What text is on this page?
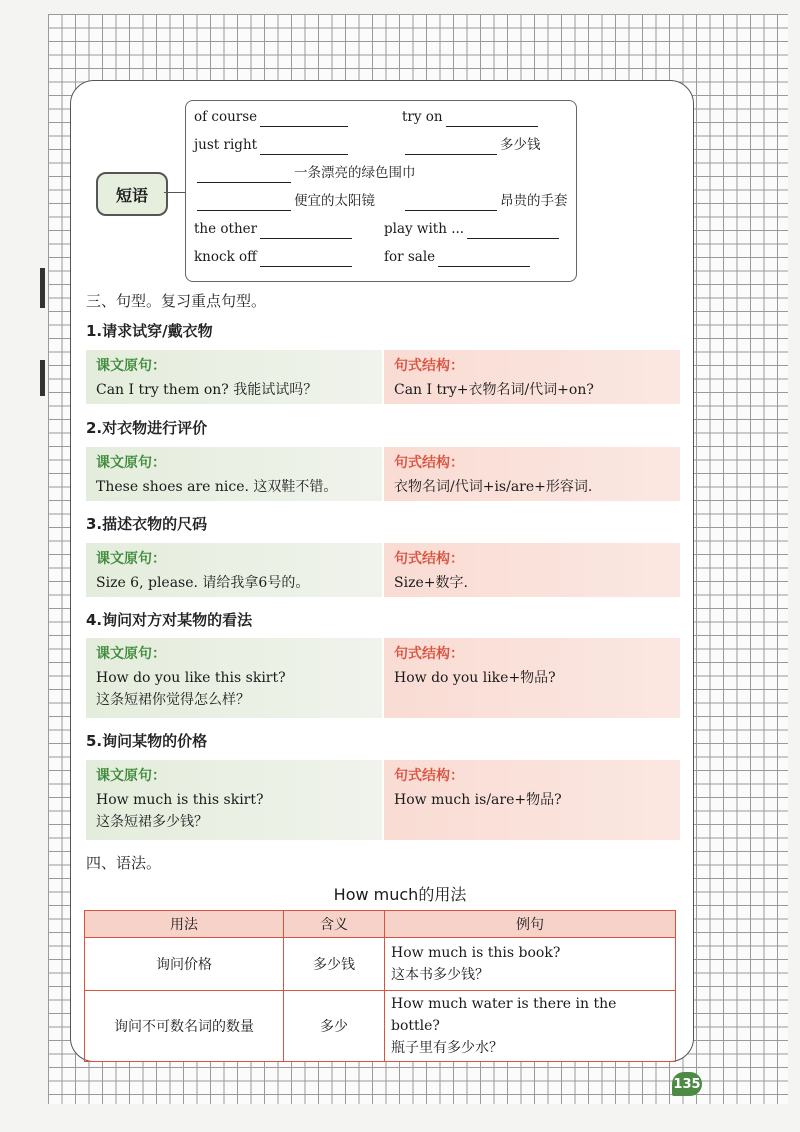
短语
of course	try on
just right	多少钱
一条漂亮的绿色围巾
便宜的太阳镜	昂贵的手套
the other	play with ...
knock off	for sale
三、句型。复习重点句型。
1.请求试穿/戴衣物
课文原句：
Can I try them on? 我能试试吗？
句式结构：
Can I try+衣物名词/代词+on?
2.对衣物进行评价
课文原句：
These shoes are nice. 这双鞋不错。
句式结构：
衣物名词/代词+is/are+形容词.
3.描述衣物的尺码
课文原句：
Size 6, please. 请给我拿6号的。
句式结构：
Size+数字.
4.询问对方对某物的看法
课文原句：
How do you like this skirt?
这条短裙你觉得怎么样？
句式结构：
How do you like+物品?
5.询问某物的价格
课文原句：
How much is this skirt?
这条短裙多少钱？
句式结构：
How much is/are+物品?
四、语法。
How much的用法
用法	含义	例句
询问价格	多少钱	How much is this book?
这本书多少钱？

询问不可数名词的数量	多少	How much water is there in the bottle?
瓶子里有多少水？
135
